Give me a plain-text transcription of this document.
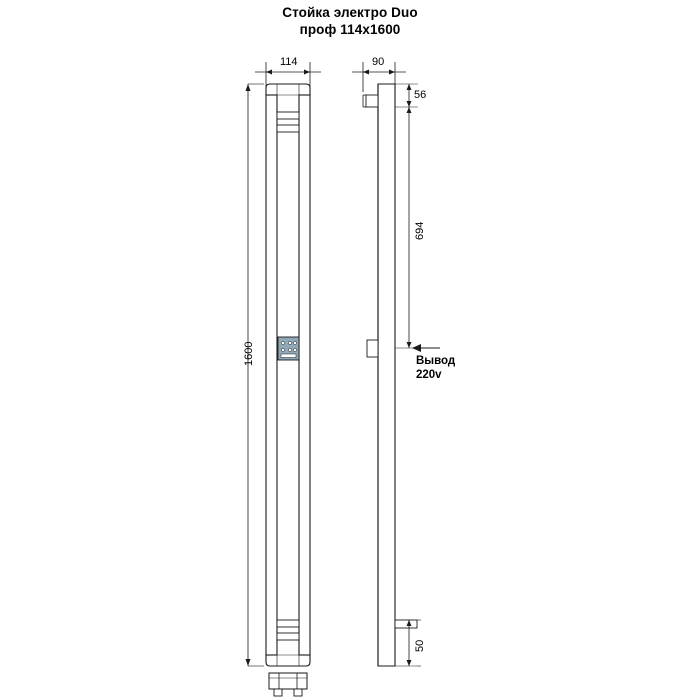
Стойка электро Duo
проф 114х1600
114	90
56
694
1600
50
Вывод
220v
